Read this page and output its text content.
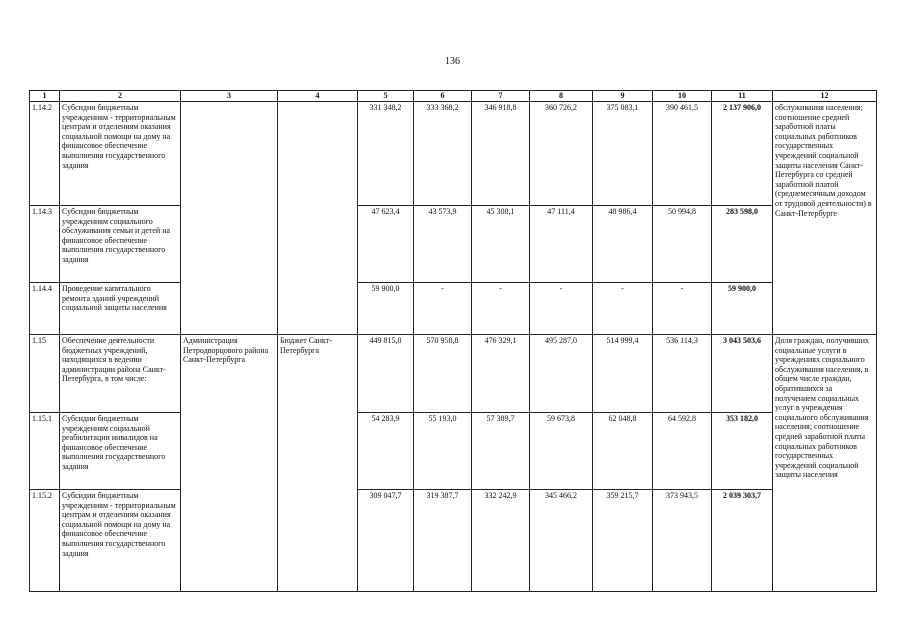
136
1	2	3	4	5	6	7	8	9	10	11	12
1.14.2	Субсидии бюджетным учреждениям - территориальным центрам и отделениям оказания социальной помощи на дому на финансовое обеспечение выполнения государственного задания			331 348,2	333 368,2	346 918,8	360 726,2	375 083,1	390 461,5	2 137 906,0	обслуживания населения; соотношение средней заработной платы социальных работников государственных учреждений социальной защиты населения Санкт-Петербурга со средней заработной платой (среднемесячным доходом от трудовой деятельности) в Санкт-Петербурге
1.14.3	Субсидии бюджетным учреждениям социального обслуживания семьи и детей на финансовое обеспечение выполнения государственного задания			47 623,4	43 573,9	45 308,1	47 111,4	48 986,4	50 994,8	283 598,0	
1.14.4	Проведение капитального ремонта зданий учреждений социальной защиты населения			59 900,0	-	-	-	-	-	59 900,0	
1.15	Обеспечение деятельности бюджетных учреждений, находящихся в ведении администрации района Санкт-Петербурга, в том числе:	Администрация Петродворцового района Санкт-Петербурга	Бюджет Санкт-Петербурга	449 815,0	570 958,8	476 329,1	495 287,0	514 999,4	536 114,3	3 043 503,6	Доля граждан, получивших социальные услуги в учреждениях социального обслуживания населения, в общем числе граждан, обратившихся за получением социальных услуг в учреждения социального обслуживания населения; соотношение средней заработной платы социальных работников государственных учреждений социальной защиты населения
1.15.1	Субсидии бюджетным учреждениям социальной реабилитации инвалидов на финансовое обеспечение выполнения государственного задания			54 283,9	55 193,0	57 389,7	59 673,8	62 048,8	64 592,8	353 182,0	
1.15.2	Субсидии бюджетным учреждениям - территориальным центрам и отделениям оказания социальной помощи на дому на финансовое обеспечение выполнения государственного задания			309 047,7	319 387,7	332 242,9	345 466,2	359 215,7	373 943,5	2 039 303,7	
